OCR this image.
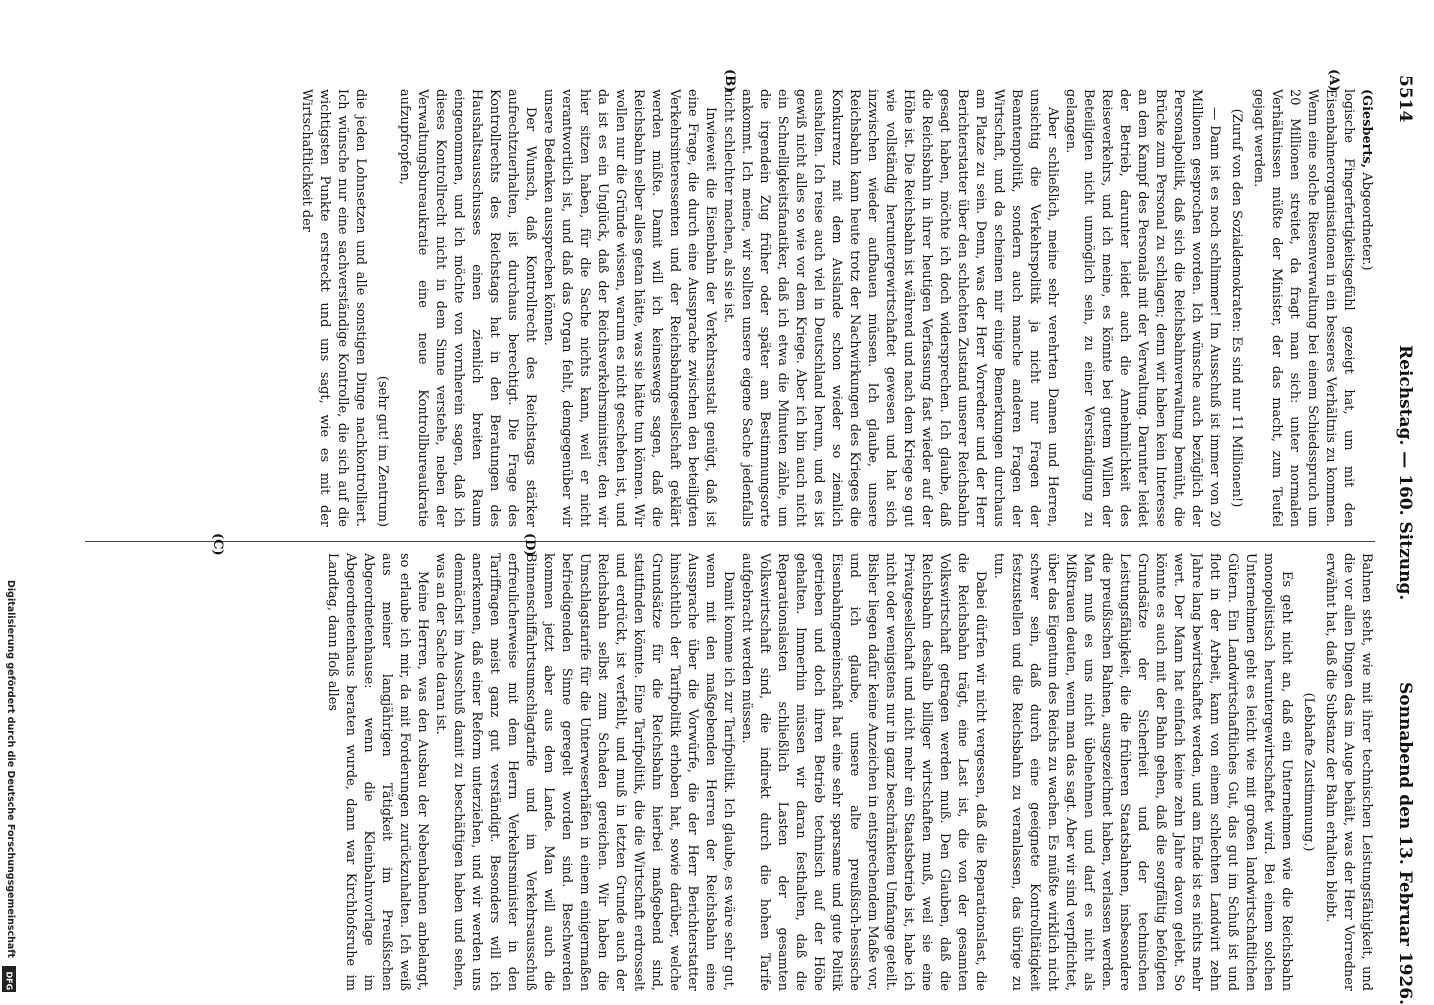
5514
Reichstag. — 160. Sitzung.
Sonnabend den 13. Februar 1926.

(Giesberts, Abgeordneter.)

logische Fingerfertigkeitsgefühl gezeigt hat, um mit den Eisenbahnerorganisationen in ein besseres Verhältnis zu kommen. Wenn eine solche Riesenverwaltung bei einem Schiedsspruch um 20 Millionen streitet, da fragt man sich: unter normalen Verhältnissen müßte der Minister, der das macht, zum Teufel gejagt werden.

(Zuruf von den Sozialdemokraten: Es sind nur 11 Millionen!)

— Dann ist es noch schlimmer! Im Ausschuß ist immer von 20 Millionen gesprochen worden. Ich wünsche auch bezüglich der Personalpolitik, daß sich die Reichsbahnverwaltung bemüht, die Brücke zum Personal zu schlagen; denn wir haben kein Interesse an dem Kampf des Personals mit der Verwaltung. Darunter leidet der Betrieb, darunter leidet auch die Annehmlichkeit des Reiseverkehrs, und ich meine, es könnte bei gutem Willen der Beteiligten nicht unmöglich sein, zu einer Verständigung zu gelangen.

Aber schließlich, meine sehr verehrten Damen und Herren, unsichtig die Verkehrspolitik ja nicht nur Fragen der Beamtenpolitik, sondern auch manche anderen Fragen der Wirtschaft, und da scheinen mir einige Bemerkungen durchaus am Platze zu sein. Denn, was der Herr Vorredner und der Herr Berichterstatter über den schlechten Zustand unserer Reichsbahn gesagt haben, möchte ich doch widersprechen. Ich glaube, daß die Reichsbahn in ihrer heutigen Verfassung fast wieder auf der Höhe ist. Die Reichsbahn ist während und nach dem Kriege so gut wie vollständig heruntergewirtschaftet gewesen und hat sich inzwischen wieder aufbauen müssen. Ich glaube, unsere Reichsbahn kann heute trotz der Nachwirkungen des Krieges die Konkurrenz mit dem Auslande schon wieder so ziemlich aushalten. Ich reise auch viel in Deutschland herum, und es ist gewiß nicht alles so wie vor dem Kriege. Aber ich bin auch nicht ein Schnelligkeitsfanatiker, daß ich etwa die Minuten zähle, um die irgendein Zug früher oder später am Bestimmungsorte ankommt. Ich meine, wir sollten unsere eigene Sache jedenfalls nicht schlechter machen, als sie ist.

Inwieweit die Eisenbahn der Verkehrsanstalt genügt, daß ist eine Frage, die durch eine Aussprache zwischen den beteiligten Verkehrsinteressenten und der Reichsbahngesellschaft geklärt werden müßte. Damit will ich keineswegs sagen, daß die Reichsbahn selber alles getan hätte, was sie hätte tun können. Wir wollen nur die Gründe wissen, warum es nicht geschehen ist, und da ist es ein Unglück, daß der Reichsverkehrsminister, den wir hier sitzen haben, für die Sache nichts kann, weil er nicht verantwortlich ist, und daß das Organ fehlt, demgegenüber wir unsere Bedenken aussprechen können.

Der Wunsch, daß Kontrollrecht des Reichstags stärker aufrechtzuerhalten, ist durchaus berechtigt. Die Frage des Kontrollrechts des Reichstags hat in den Beratungen des Haushaltsausschusses einen ziemlich breiten Raum eingenommen, und ich möchte von vornherein sagen, daß ich dieses Kontrollrecht nicht in dem Sinne verstehe, neben der Verwaltungsbureaukratie eine neue Kontrollbureaukratie aufzupfropfen,

(sehr gut! im Zentrum)

die jeden Lohnsetzen und alle sonstigen Dinge nachkontrolliert. Ich wünsche nur eine sachverständige Kontrolle, die sich auf die wichtigsten Punkte erstreckt und uns sagt, wie es mit der Wirtschaftlichkeit der

Bahnen steht, wie mit ihrer technischen Leistungsfähigkeit, und die vor allen Dingen das im Auge behält, was der Herr Vorredner erwähnt hat, daß die Substanz der Bahn erhalten bleibt.

(Lebhafte Zustimmung.)

Es geht nicht an, daß ein Unternehmen wie die Reichsbahn monopolistisch heruntergewirtschaftet wird. Bei einem solchen Unternehmen geht es leicht wie mit großen landwirtschaftlichen Gütern. Ein Landwirtschaftliches Gut, das gut im Schuß ist und flott in der Arbeit, kann von einem schlechten Landwirt zehn Jahre lang bewirtschaftet werden, und am Ende ist es nichts mehr wert. Der Mann hat einfach keine zehn Jahre davon gelebt. So könnte es auch mit der Bahn gehen, daß die sorgfältig befolgten Grundsätze der Sicherheit und der technischen Leistungsfähigkeit, die die früheren Staatsbahnen, insbesondere die preußischen Bahnen, ausgezeichnet haben, verlassen werden. Man muß es uns nicht übelnehmen und darf es nicht als Mißtrauen deuten, wenn man das sagt. Aber wir sind verpflichtet, über das Eigentum des Reichs zu wachen. Es müßte wirklich nicht schwer sein, daß durch eine geeignete Kontrolltätigkeit festzustellen und die Reichsbahn zu veranlassen, das übrige zu tun.

Dabei dürfen wir nicht vergessen, daß die Reparationslast, die die Reichsbahn trägt, eine Last ist, die von der gesamten Volkswirtschaft getragen werden muß. Den Glauben, daß die Reichsbahn deshalb billiger wirtschaften muß, weil sie eine Privatgesellschaft und nicht mehr ein Staatsbetrieb ist, habe ich nicht oder wenigstens nur in ganz beschränktem Umfange geteilt. Bisher liegen dafür keine Anzeichen in entsprechendem Maße vor, und ich glaube, unsere alte preußisch-hessische Eisenbahngemeinschaft hat eine sehr sparsame und gute Politik getrieben und doch ihren Betrieb technisch auf der Höhe gehalten. Immerhin müssen wir daran festhalten, daß die Reparationslasten schließlich Lasten der gesamten Volkswirtschaft sind, die indirekt durch die hohen Tarife aufgebracht werden müssen.

Damit komme ich zur Tarifpolitik. Ich glaube, es wäre sehr gut, wenn mit den maßgebenden Herren der Reichsbahn eine Aussprache über die Vorwürfe, die der Herr Berichterstatter hinsichtlich der Tarifpolitik erhoben hat, sowie darüber, welche Grundsätze für die Reichsbahn hierbei maßgebend sind, stattfinden könnte. Eine Tarifpolitik, die die Wirtschaft erdrosselt und erdrückt, ist verfehlt, und muß in letzten Grunde auch der Reichsbahn selbst zum Schaden gereichen. Wir haben die Umschlagstarife für die Unterweserhäfen in einem einigermaßen befriedigenden Sinne geregelt worden sind. Beschwerden kommen jetzt aber aus dem Lande. Man will auch die Binnenschiffahrtsumschlagtarife und im Verkehrsausschuß erfreulicherweise mit dem Herrn Verkehrsminister in den Tariffragen meist ganz gut verständigt. Besonders will ich anerkennen, daß einer Reform unterziehen, und wir werden uns demnächst im Ausschuß damit zu beschäftigen haben und sehen, was an der Sache daran ist.

Meine Herren, was den Ausbau der Nebenbahnen anbelangt, so erlaube ich mir, da mit Forderungen zurückzuhalten. Ich weiß aus meiner langjährigen Tätigkeit im Preußischen Abgeordnetenhause: wenn die Kleinbahnvorlage im Abgeordnetenhaus beraten wurde, dann war Kirchhofsruhe im Landtag, dann floß alles

(A)
(B)
(C)	(D)
Digitalisierung gefördert durch die Deutsche Forschungsgemeinschaft
DFG
